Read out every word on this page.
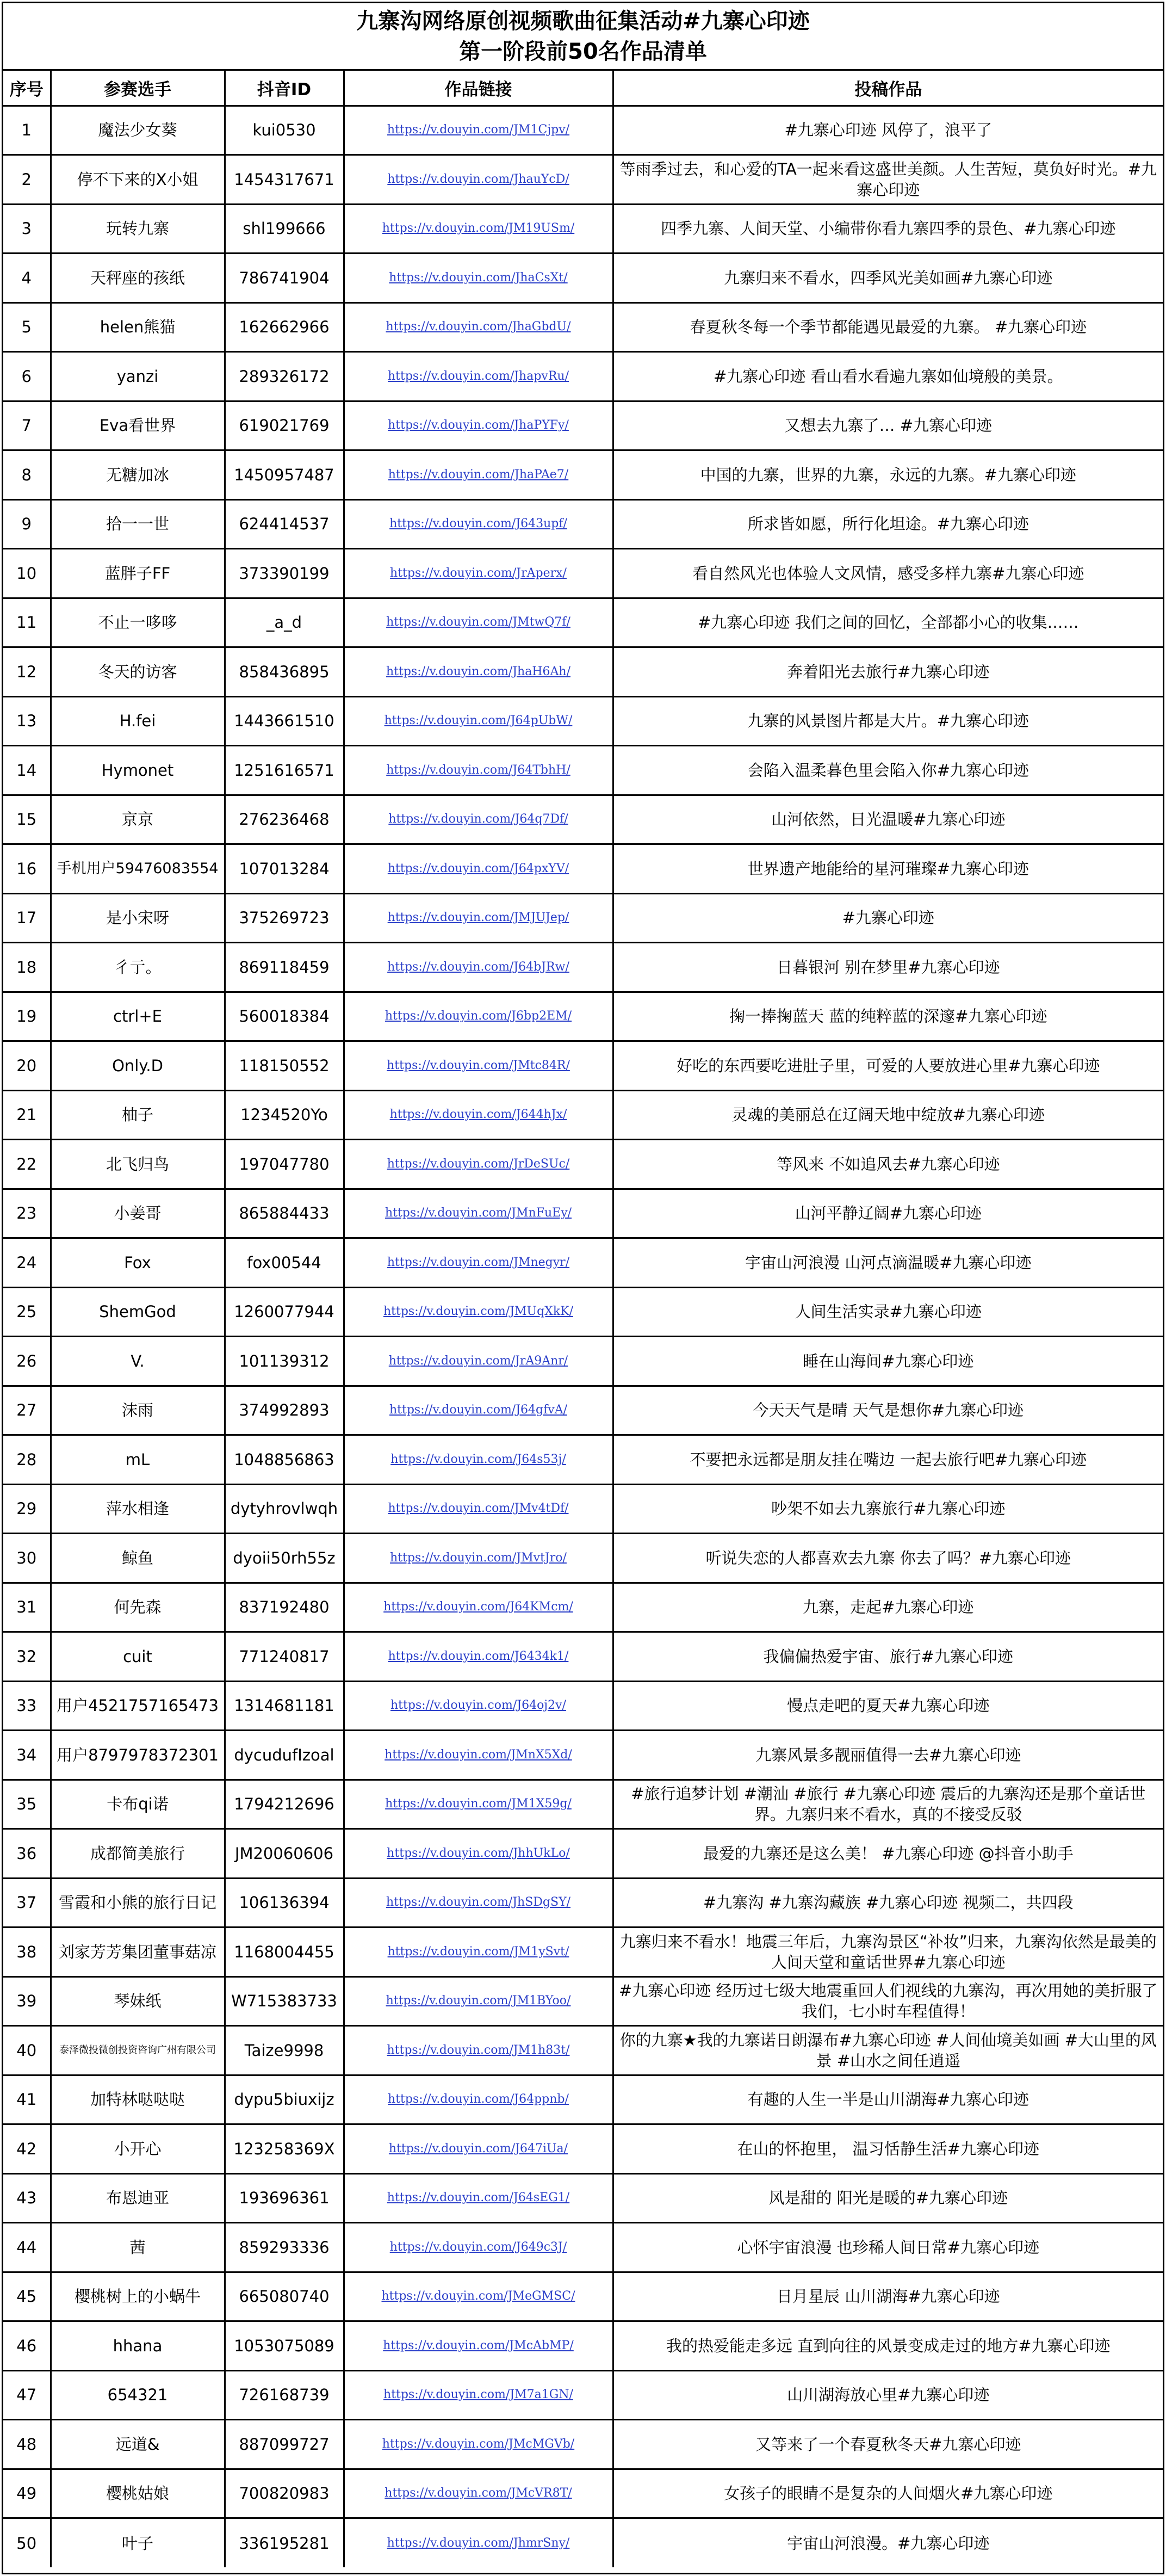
九寨沟网络原创视频歌曲征集活动#九寨心印迹
第一阶段前50名作品清单
序号	参赛选手	抖音ID	作品链接	投稿作品
1	魔法少女葵	kui0530	https://v.douyin.com/JM1Cjpv/	#九寨心印迹 风停了，浪平了
2	停不下来的X小姐	1454317671	https://v.douyin.com/JhauYcD/	等雨季过去，和心爱的TA一起来看这盛世美颜。人生苦短，莫负好时光。#九寨心印迹
3	玩转九寨	shl199666	https://v.douyin.com/JM19USm/	四季九寨、人间天堂、小编带你看九寨四季的景色、#九寨心印迹
4	天秤座的孩纸	786741904	https://v.douyin.com/JhaCsXt/	九寨归来不看水，四季风光美如画#九寨心印迹
5	helen熊猫	162662966	https://v.douyin.com/JhaGbdU/	春夏秋冬每一个季节都能遇见最爱的九寨。 #九寨心印迹
6	yanzi	289326172	https://v.douyin.com/JhapvRu/	#九寨心印迹 看山看水看遍九寨如仙境般的美景。
7	Eva看世界	619021769	https://v.douyin.com/JhaPYFy/	又想去九寨了… #九寨心印迹
8	无糖加冰	1450957487	https://v.douyin.com/JhaPAe7/	中国的九寨，世界的九寨，永远的九寨。#九寨心印迹
9	拾一一世	624414537	https://v.douyin.com/J643upf/	所求皆如愿，所行化坦途。#九寨心印迹
10	蓝胖子FF	373390199	https://v.douyin.com/JrAperx/	看自然风光也体验人文风情，感受多样九寨#九寨心印迹
11	不止一哆哆	_a_d	https://v.douyin.com/JMtwQ7f/	#九寨心印迹 我们之间的回忆，全部都小心的收集……
12	冬天的访客	858436895	https://v.douyin.com/JhaH6Ah/	奔着阳光去旅行#九寨心印迹
13	H.fei	1443661510	https://v.douyin.com/J64pUbW/	九寨的风景图片都是大片。#九寨心印迹
14	Hymonet	1251616571	https://v.douyin.com/J64TbhH/	会陷入温柔暮色里会陷入你#九寨心印迹
15	京京	276236468	https://v.douyin.com/J64q7Df/	山河依然，日光温暖#九寨心印迹
16	手机用户59476083554	107013284	https://v.douyin.com/J64pxYV/	世界遗产地能给的星河璀璨#九寨心印迹
17	是小宋呀	375269723	https://v.douyin.com/JMJUJep/	#九寨心印迹
18	彳亍。	869118459	https://v.douyin.com/J64bJRw/	日暮银河 别在梦里#九寨心印迹
19	ctrl+E	560018384	https://v.douyin.com/J6bp2EM/	掬一捧掬蓝天 蓝的纯粹蓝的深邃#九寨心印迹
20	Only.D	118150552	https://v.douyin.com/JMtc84R/	好吃的东西要吃进肚子里，可爱的人要放进心里#九寨心印迹
21	柚子	1234520Yo	https://v.douyin.com/J644hJx/	灵魂的美丽总在辽阔天地中绽放#九寨心印迹
22	北飞归鸟	197047780	https://v.douyin.com/JrDeSUc/	等风来 不如追风去#九寨心印迹
23	小姜哥	865884433	https://v.douyin.com/JMnFuEy/	山河平静辽阔#九寨心印迹
24	Fox	fox00544	https://v.douyin.com/JMnegyr/	宇宙山河浪漫 山河点滴温暖#九寨心印迹
25	ShemGod	1260077944	https://v.douyin.com/JMUqXkK/	人间生活实录#九寨心印迹
26	V.	101139312	https://v.douyin.com/JrA9Anr/	睡在山海间#九寨心印迹
27	沫雨	374992893	https://v.douyin.com/J64gfvA/	今天天气是晴 天气是想你#九寨心印迹
28	mL	1048856863	https://v.douyin.com/J64s53j/	不要把永远都是朋友挂在嘴边 一起去旅行吧#九寨心印迹
29	萍水相逢	dytyhrovlwqh	https://v.douyin.com/JMv4tDf/	吵架不如去九寨旅行#九寨心印迹
30	鲸鱼	dyoii50rh55z	https://v.douyin.com/JMvtJro/	听说失恋的人都喜欢去九寨 你去了吗？#九寨心印迹
31	何先森	837192480	https://v.douyin.com/J64KMcm/	九寨，走起#九寨心印迹
32	cuit	771240817	https://v.douyin.com/J6434k1/	我偏偏热爱宇宙、旅行#九寨心印迹
33	用户4521757165473	1314681181	https://v.douyin.com/J64oj2v/	慢点走吧的夏天#九寨心印迹
34	用户8797978372301	dycudufIzoal	https://v.douyin.com/JMnX5Xd/	九寨风景多靓丽值得一去#九寨心印迹
35	卡布qi诺	1794212696	https://v.douyin.com/JM1X59g/	#旅行追梦计划 #潮汕 #旅行 #九寨心印迹 震后的九寨沟还是那个童话世界。九寨归来不看水，真的不接受反驳
36	成都简美旅行	JM20060606	https://v.douyin.com/JhhUkLo/	最爱的九寨还是这么美！ #九寨心印迹 @抖音小助手
37	雪霞和小熊的旅行日记	106136394	https://v.douyin.com/JhSDgSY/	#九寨沟 #九寨沟藏族 #九寨心印迹 视频二，共四段
38	刘家芳芳集团董事菇凉	1168004455	https://v.douyin.com/JM1ySvt/	九寨归来不看水！地震三年后，九寨沟景区“补妆”归来，九寨沟依然是最美的人间天堂和童话世界#九寨心印迹
39	琴妹纸	W715383733	https://v.douyin.com/JM1BYoo/	#九寨心印迹 经历过七级大地震重回人们视线的九寨沟，再次用她的美折服了我们，七小时车程值得！
40	泰泽微投微创投资咨询广州有限公司	Taize9998	https://v.douyin.com/JM1h83t/	你的九寨★我的九寨诺日朗瀑布#九寨心印迹 #人间仙境美如画 #大山里的风景 #山水之间任逍遥
41	加特林哒哒哒	dypu5biuxijz	https://v.douyin.com/J64ppnb/	有趣的人生一半是山川湖海#九寨心印迹
42	小开心	123258369X	https://v.douyin.com/J647iUa/	在山的怀抱里， 温习恬静生活#九寨心印迹
43	布恩迪亚	193696361	https://v.douyin.com/J64sEG1/	风是甜的 阳光是暖的#九寨心印迹
44	茜	859293336	https://v.douyin.com/J649c3J/	心怀宇宙浪漫 也珍稀人间日常#九寨心印迹
45	樱桃树上的小蜗牛	665080740	https://v.douyin.com/JMeGMSC/	日月星辰 山川湖海#九寨心印迹
46	hhana	1053075089	https://v.douyin.com/JMcAbMP/	我的热爱能走多远 直到向往的风景变成走过的地方#九寨心印迹
47	654321	726168739	https://v.douyin.com/JM7a1GN/	山川湖海放心里#九寨心印迹
48	远道&	887099727	https://v.douyin.com/JMcMGVb/	又等来了一个春夏秋冬天#九寨心印迹
49	樱桃姑娘	700820983	https://v.douyin.com/JMcVR8T/	女孩子的眼睛不是复杂的人间烟火#九寨心印迹
50	叶子	336195281	https://v.douyin.com/JhmrSny/	宇宙山河浪漫。#九寨心印迹
